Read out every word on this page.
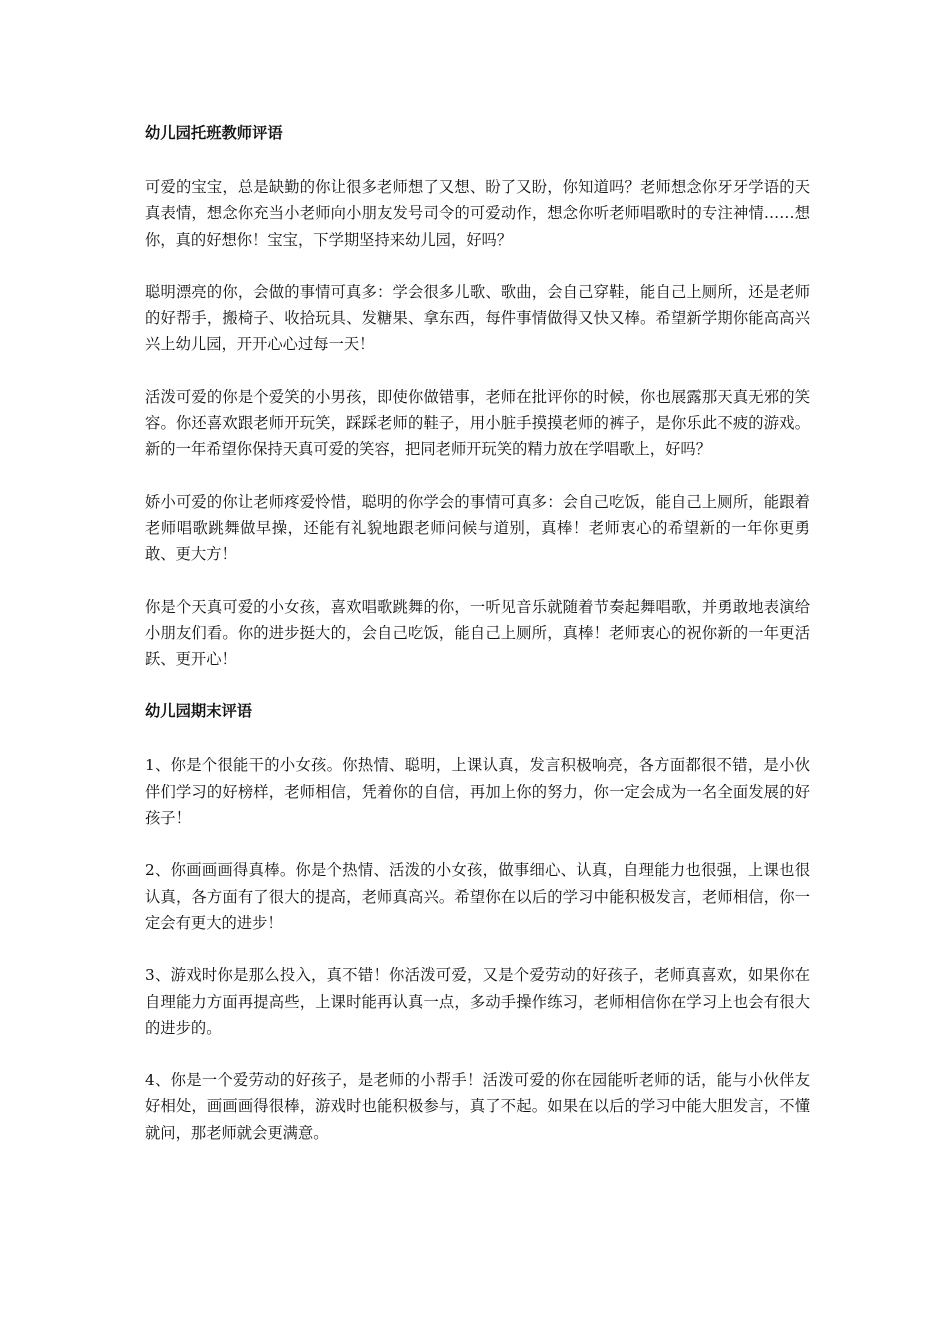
幼儿园托班教师评语

可爱的宝宝，总是缺勤的你让很多老师想了又想、盼了又盼，你知道吗？老师想念你牙牙学语的天真表情，想念你充当小老师向小朋友发号司令的可爱动作，想念你听老师唱歌时的专注神情……想你，真的好想你！宝宝，下学期坚持来幼儿园，好吗？

聪明漂亮的你，会做的事情可真多：学会很多儿歌、歌曲，会自己穿鞋，能自己上厕所，还是老师的好帮手，搬椅子、收拾玩具、发糖果、拿东西，每件事情做得又快又棒。希望新学期你能高高兴兴上幼儿园，开开心心过每一天！

活泼可爱的你是个爱笑的小男孩，即使你做错事，老师在批评你的时候，你也展露那天真无邪的笑容。你还喜欢跟老师开玩笑，踩踩老师的鞋子，用小脏手摸摸老师的裤子，是你乐此不疲的游戏。新的一年希望你保持天真可爱的笑容，把同老师开玩笑的精力放在学唱歌上，好吗？

娇小可爱的你让老师疼爱怜惜，聪明的你学会的事情可真多：会自己吃饭，能自己上厕所，能跟着老师唱歌跳舞做早操，还能有礼貌地跟老师问候与道别，真棒！老师衷心的希望新的一年你更勇敢、更大方！

你是个天真可爱的小女孩，喜欢唱歌跳舞的你，一听见音乐就随着节奏起舞唱歌，并勇敢地表演给小朋友们看。你的进步挺大的，会自己吃饭，能自己上厕所，真棒！老师衷心的祝你新的一年更活跃、更开心！

幼儿园期末评语

1、你是个很能干的小女孩。你热情、聪明，上课认真，发言积极响亮，各方面都很不错，是小伙伴们学习的好榜样，老师相信，凭着你的自信，再加上你的努力，你一定会成为一名全面发展的好孩子！

2、你画画画得真棒。你是个热情、活泼的小女孩，做事细心、认真，自理能力也很强，上课也很认真，各方面有了很大的提高，老师真高兴。希望你在以后的学习中能积极发言，老师相信，你一定会有更大的进步！

3、游戏时你是那么投入，真不错！你活泼可爱，又是个爱劳动的好孩子，老师真喜欢，如果你在自理能力方面再提高些，上课时能再认真一点，多动手操作练习，老师相信你在学习上也会有很大的进步的。

4、你是一个爱劳动的好孩子，是老师的小帮手！活泼可爱的你在园能听老师的话，能与小伙伴友好相处，画画画得很棒，游戏时也能积极参与，真了不起。如果在以后的学习中能大胆发言，不懂就问，那老师就会更满意。
